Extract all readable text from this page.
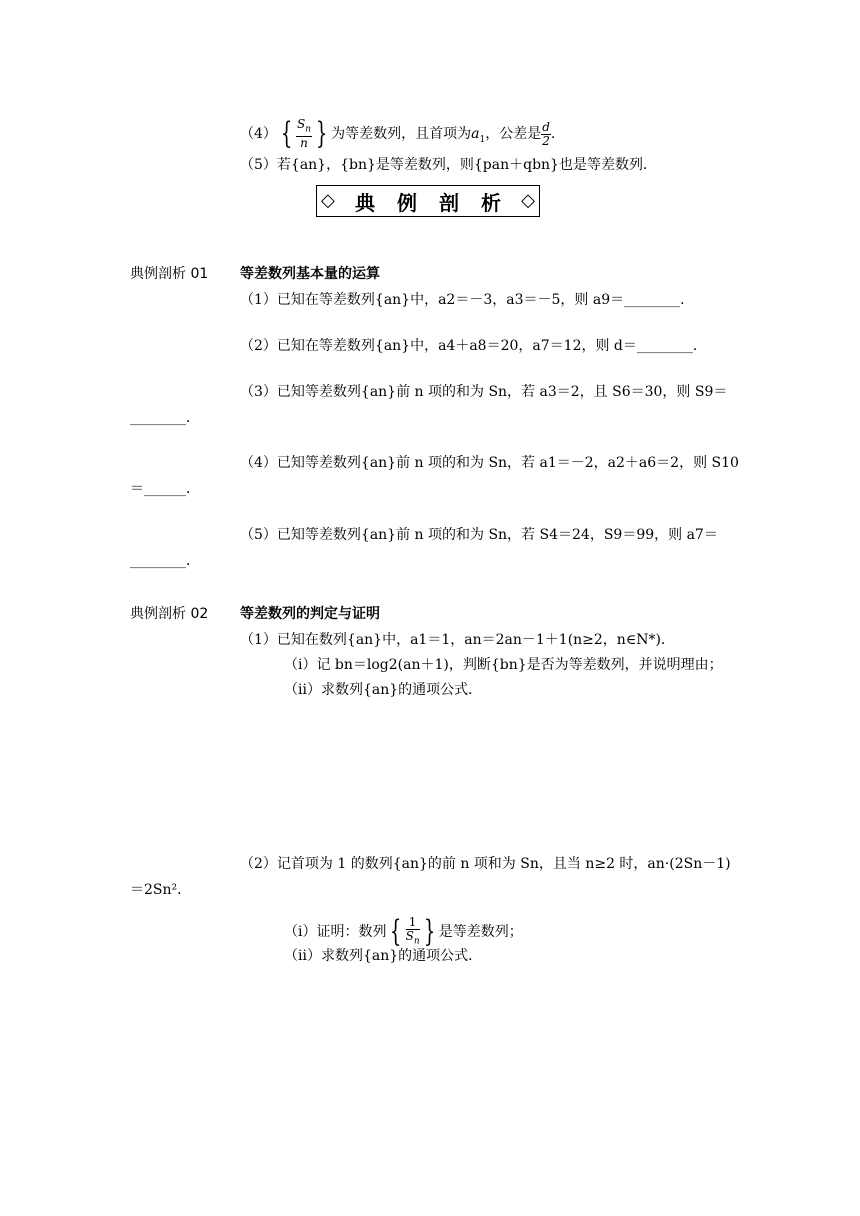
（4） { $\frac{S_n}{n}$ } 为等差数列，且首项为$a_1$，公差是 $\frac{d}{2}$ .
（5）若{an}，{bn}是等差数列，则{pan＋qbn}也是等差数列．
◇ 典例剖析
◇
典例剖析 01 等差数列基本量的运算
（1）已知在等差数列{an}中，a2＝－3，a3＝－5，则 a9＝________．
（2）已知在等差数列{an}中，a4＋a8＝20，a7＝12，则 d＝________．
（3）已知等差数列{an}前 n 项的和为 Sn，若 a3＝2，且 S6＝30，则 S9＝
________．
（4）已知等差数列{an}前 n 项的和为 Sn，若 a1＝－2，a2＋a6＝2，则 S10
＝______．
（5）已知等差数列{an}前 n 项的和为 Sn，若 S4＝24，S9＝99，则 a7＝
________．
典例剖析 02 等差数列的判定与证明
（1）已知在数列{an}中，a1＝1，an＝2an－1＋1(n≥2，n∈N*)．
（ⅰ）记 bn＝log2(an＋1)，判断{bn}是否为等差数列，并说明理由；
（ⅱ）求数列{an}的通项公式．
（2）记首项为 1 的数列{an}的前 n 项和为 Sn，且当 n≥2 时，an·(2Sn－1)
＝2Sn²．
（ⅰ）证明：数列 { $\frac{1}{S_n}$ } 是等差数列；
（ⅱ）求数列{an}的通项公式．
